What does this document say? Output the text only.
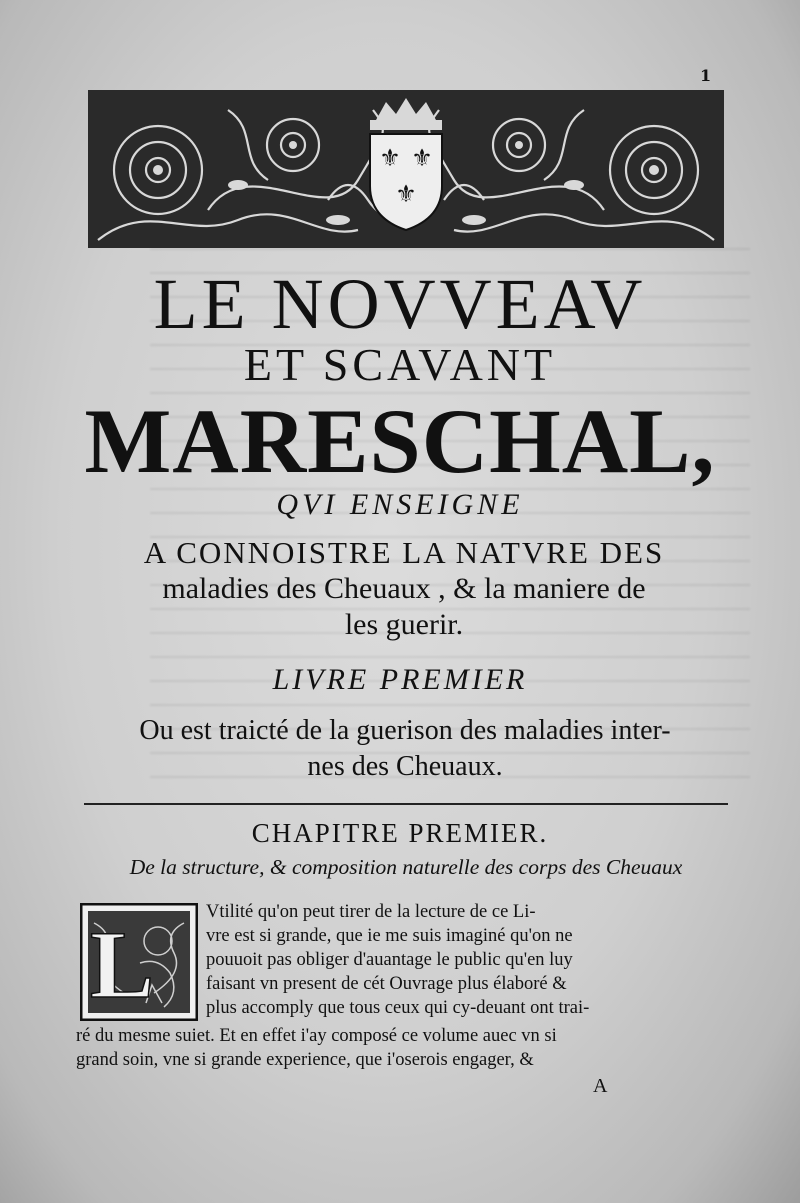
1
⚜ ⚜
⚜
LE NOVVEAV
ET SCAVANT
MARESCHAL,
QVI ENSEIGNE
A CONNOISTRE LA NATVRE DES
maladies des Cheuaux , & la maniere de
les guerir.
LIVRE PREMIER
Ou est traicté de la guerison des maladies inter-
nes des Cheuaux.
CHAPITRE PREMIER.
De la structure, & composition naturelle des corps des Cheuaux
L	Vtilité qu'on peut tirer de la lecture de ce Li-
vre est si grande, que ie me suis imaginé qu'on ne
pouuoit pas obliger d'auantage le public qu'en luy
faisant vn present de cét Ouvrage plus élaboré &
plus accomply que tous ceux qui cy-deuant ont trai-
ré du mesme suiet. Et en effet i'ay composé ce volume auec vn si
grand soin, vne si grande experience, que i'oserois engager, &
A
